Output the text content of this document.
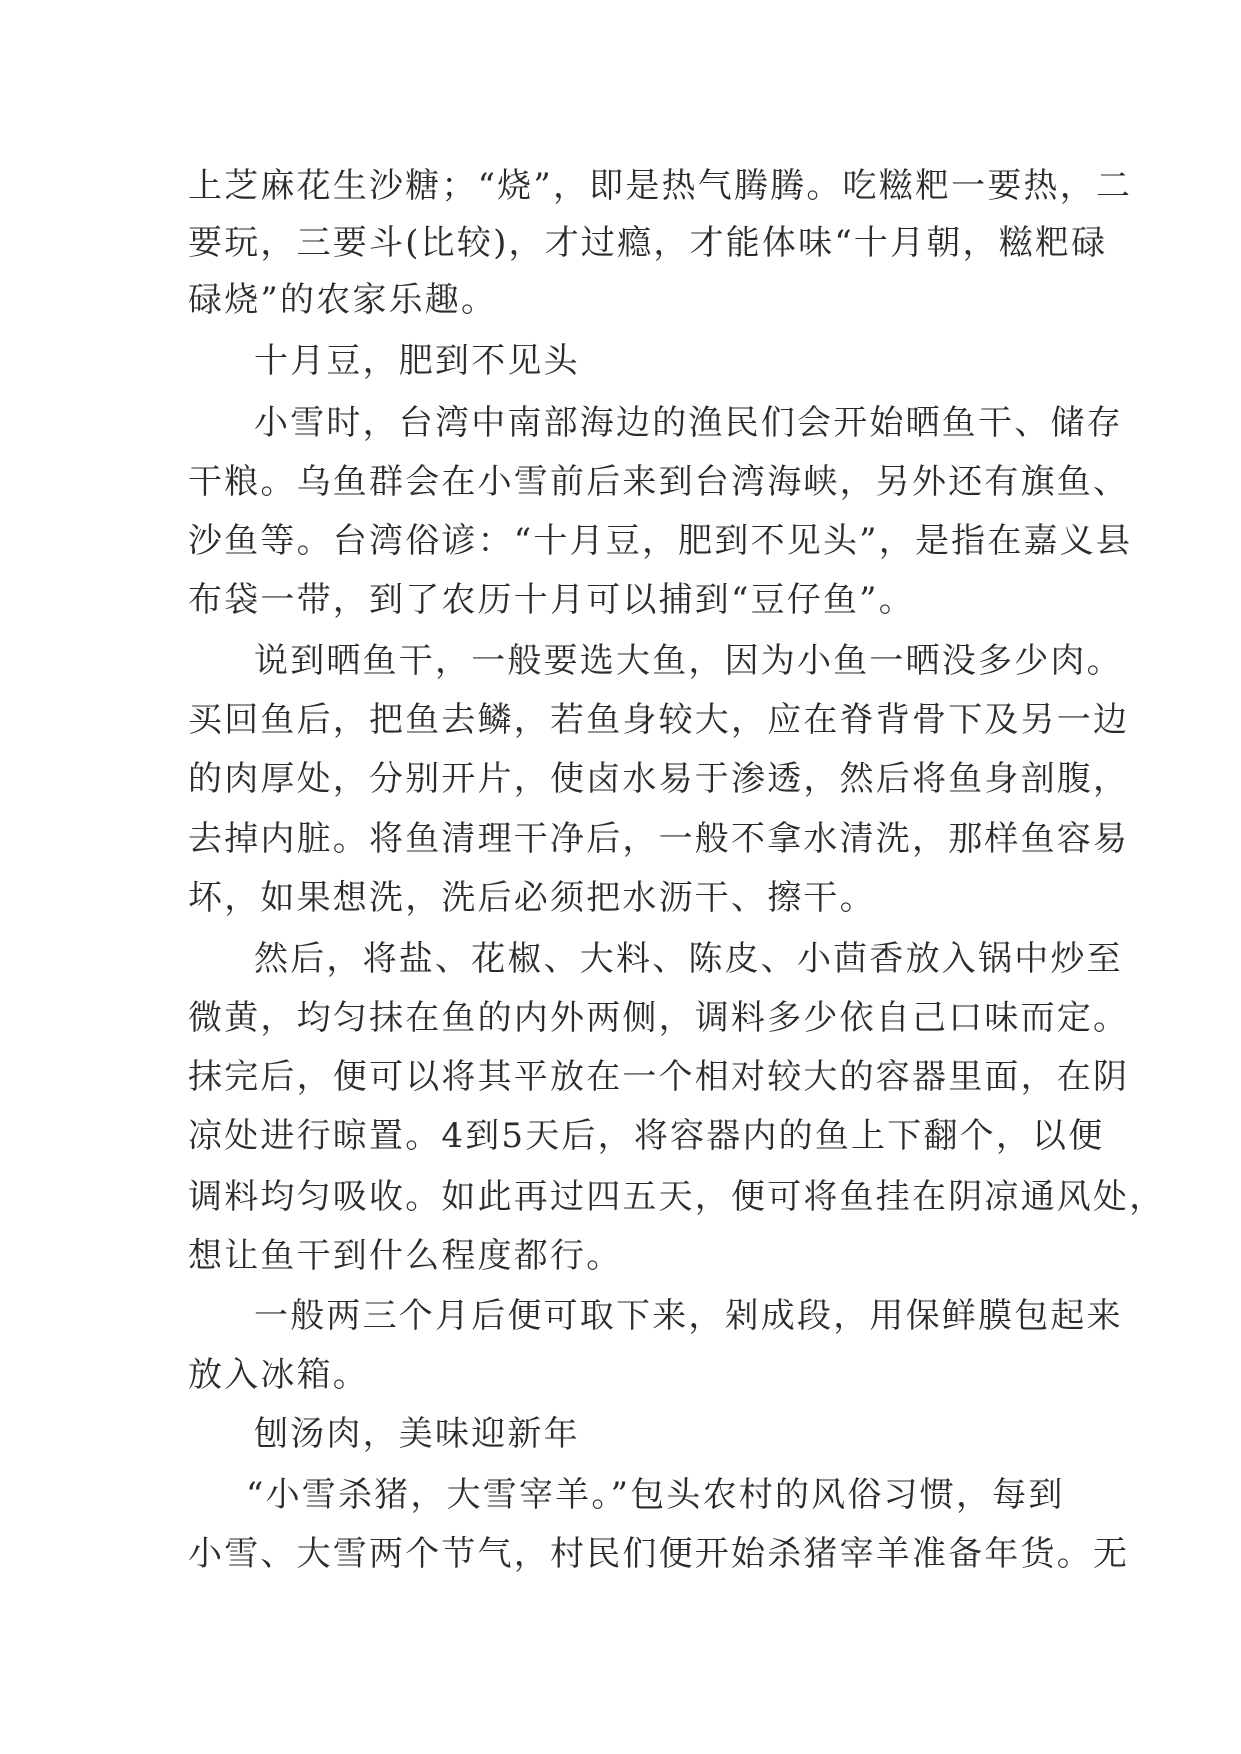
上芝麻花生沙糖；“烧”，即是热气腾腾。吃糍粑一要热，二
要玩，三要斗(比较)，才过瘾，才能体味“十月朝，糍粑碌
碌烧”的农家乐趣。
十月豆，肥到不见头
小雪时，台湾中南部海边的渔民们会开始晒鱼干、储存
干粮。乌鱼群会在小雪前后来到台湾海峡，另外还有旗鱼、
沙鱼等。台湾俗谚：“十月豆，肥到不见头”，是指在嘉义县
布袋一带，到了农历十月可以捕到“豆仔鱼”。
说到晒鱼干，一般要选大鱼，因为小鱼一晒没多少肉。
买回鱼后，把鱼去鳞，若鱼身较大，应在脊背骨下及另一边
的肉厚处，分别开片，使卤水易于渗透，然后将鱼身剖腹，
去掉内脏。将鱼清理干净后，一般不拿水清洗，那样鱼容易
坏，如果想洗，洗后必须把水沥干、擦干。
然后，将盐、花椒、大料、陈皮、小茴香放入锅中炒至
微黄，均匀抹在鱼的内外两侧，调料多少依自己口味而定。
抹完后，便可以将其平放在一个相对较大的容器里面，在阴
凉处进行晾置。4到5天后，将容器内的鱼上下翻个，以便
调料均匀吸收。如此再过四五天，便可将鱼挂在阴凉通风处，
想让鱼干到什么程度都行。
一般两三个月后便可取下来，剁成段，用保鲜膜包起来
放入冰箱。
刨汤肉，美味迎新年
“小雪杀猪，大雪宰羊。”包头农村的风俗习惯，每到
小雪、大雪两个节气，村民们便开始杀猪宰羊准备年货。无
